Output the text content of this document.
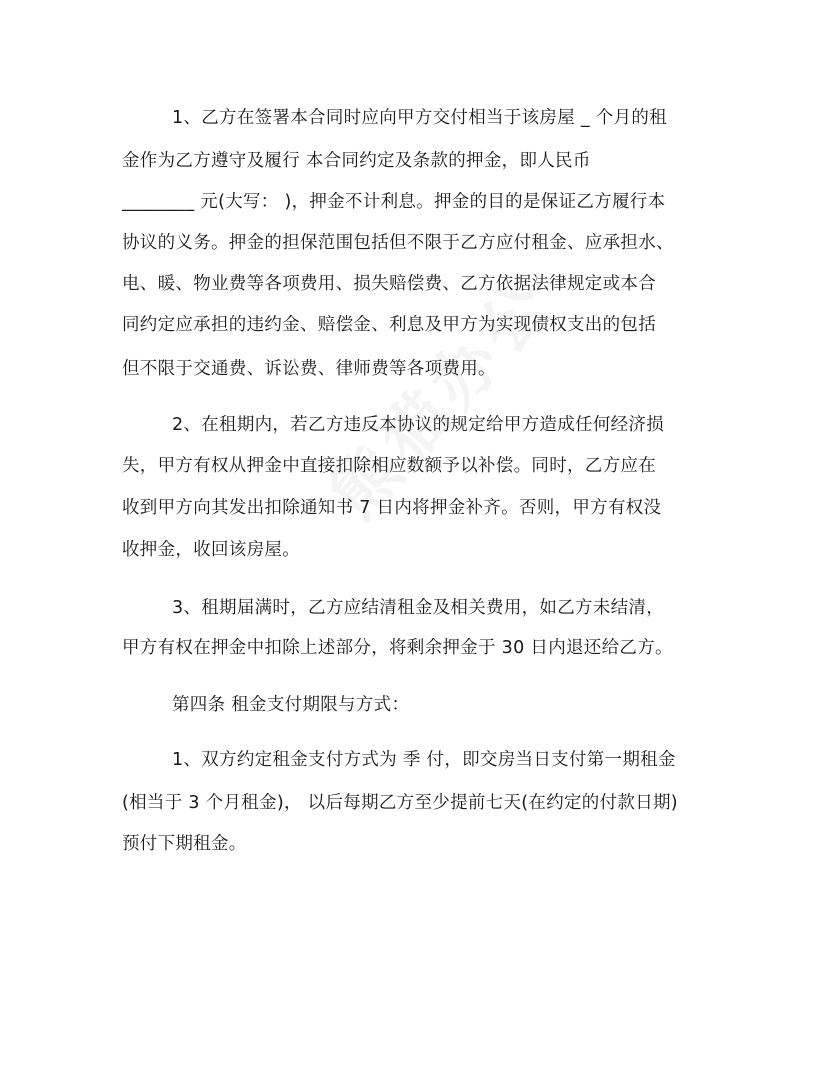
1、乙方在签署本合同时应向甲方交付相当于该房屋 _ 个月的租
金作为乙方遵守及履行 本合同约定及条款的押金，即人民币
________ 元(大写： )，押金不计利息。押金的目的是保证乙方履行本
协议的义务。押金的担保范围包括但不限于乙方应付租金、应承担水、
电、暖、物业费等各项费用、损失赔偿费、乙方依据法律规定或本合
同约定应承担的违约金、赔偿金、利息及甲方为实现债权支出的包括
但不限于交通费、诉讼费、律师费等各项费用。
2、在租期内，若乙方违反本协议的规定给甲方造成任何经济损
失，甲方有权从押金中直接扣除相应数额予以补偿。同时，乙方应在
收到甲方向其发出扣除通知书 7 日内将押金补齐。否则，甲方有权没
收押金，收回该房屋。
3、租期届满时，乙方应结清租金及相关费用，如乙方未结清，
甲方有权在押金中扣除上述部分，将剩余押金于 30 日内退还给乙方。
第四条 租金支付期限与方式：
1、双方约定租金支付方式为 季 付，即交房当日支付第一期租金
(相当于 3 个月租金)， 以后每期乙方至少提前七天(在约定的付款日期)
预付下期租金。
